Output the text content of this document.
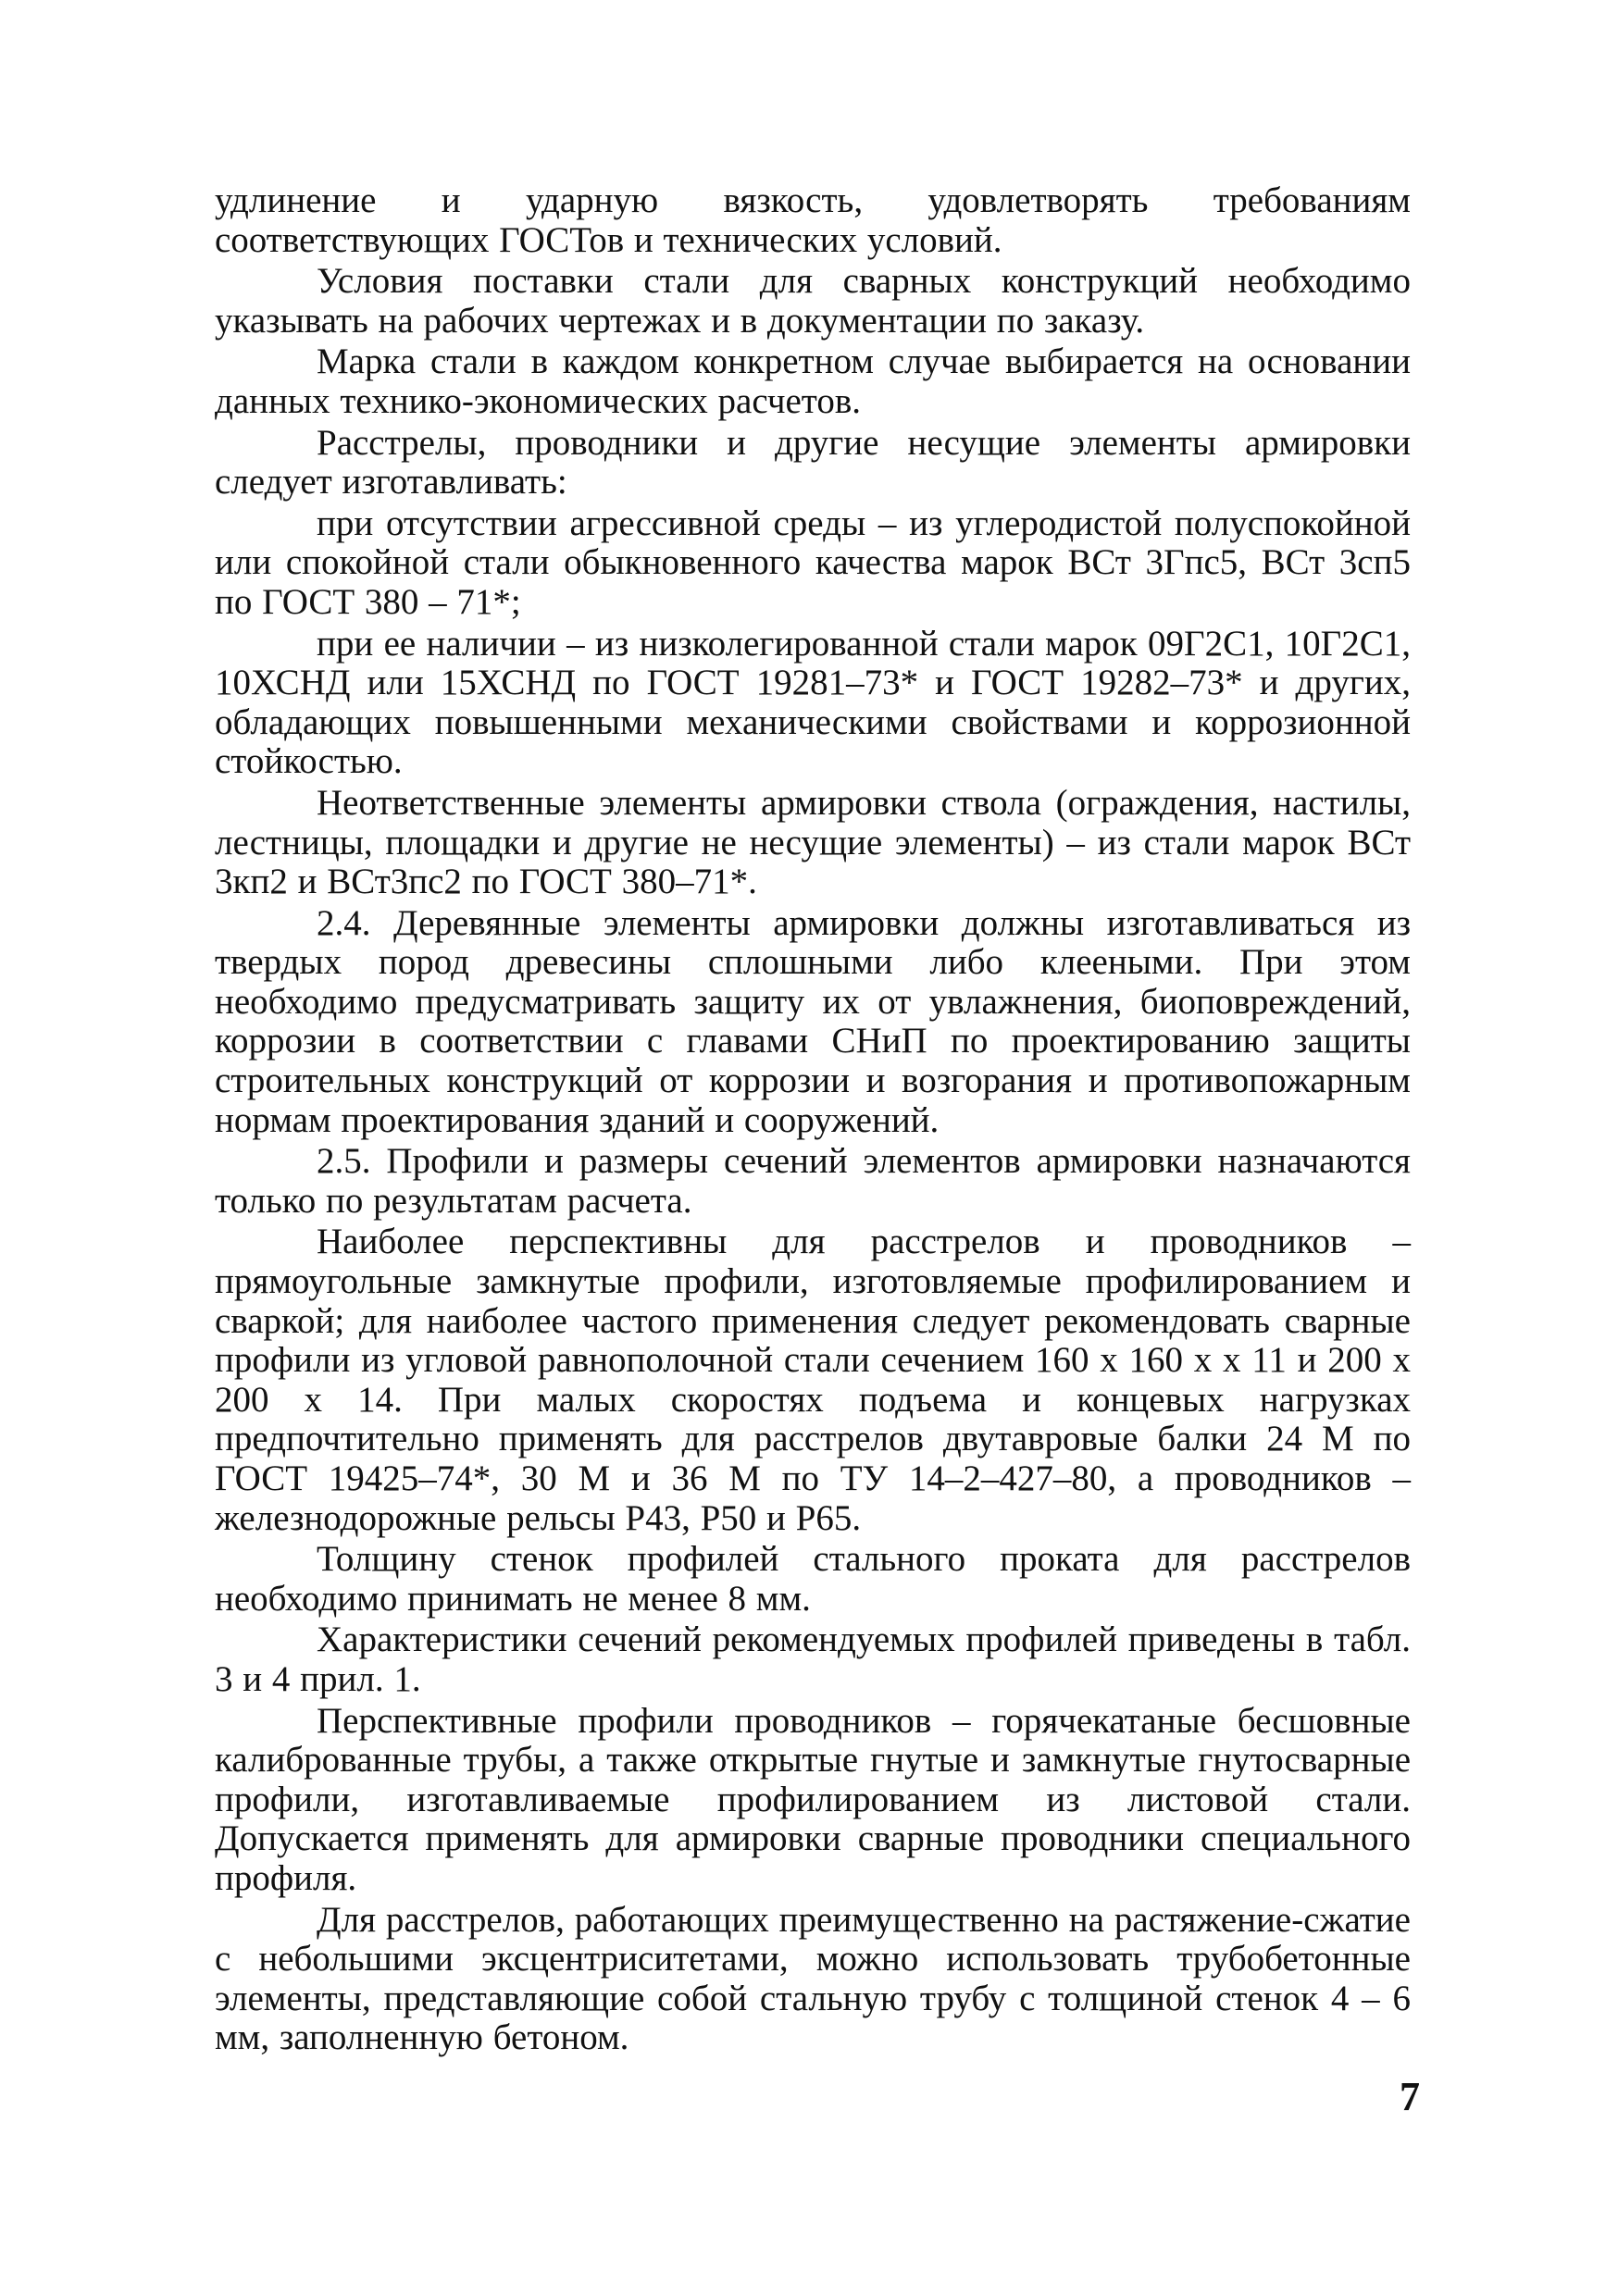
удлинение и ударную вязкость, удовлетворять требованиям соответствующих ГОСТов и технических условий.

Условия поставки стали для сварных конструкций необходимо указывать на рабочих чертежах и в документации по заказу.

Марка стали в каждом конкретном случае выбирается на основании данных технико-экономических расчетов.

Расстрелы, проводники и другие несущие элементы армировки следует изготавливать:

при отсутствии агрессивной среды – из углеродистой полуспокойной или спокойной стали обыкновенного качества марок ВСт 3Гпс5, ВСт 3сп5 по ГОСТ 380 – 71*;

при ее наличии – из низколегированной стали марок 09Г2С1, 10Г2С1, 10ХСНД или 15ХСНД по ГОСТ 19281–73* и ГОСТ 19282–73* и других, обладающих повышенными механическими свойствами и коррозионной стойкостью.

Неответственные элементы армировки ствола (ограждения, настилы, лестницы, площадки и другие не несущие элементы) – из стали марок ВСт 3кп2 и ВСт3пс2 по ГОСТ 380–71*.

2.4. Деревянные элементы армировки должны изготавливаться из твердых пород древесины сплошными либо клееными. При этом необходимо предусматривать защиту их от увлажнения, биоповреждений, коррозии в соответствии с главами СНиП по проектированию защиты строительных конструкций от коррозии и возгорания и противопожарным нормам проектирования зданий и сооружений.

2.5. Профили и размеры сечений элементов армировки назначаются только по результатам расчета.

Наиболее перспективны для расстрелов и проводников – прямоугольные замкнутые профили, изготовляемые профилированием и сваркой; для наиболее частого применения следует рекомендовать сварные профили из угловой равнополочной стали сечением 160 х 160 х х 11 и 200 х 200 х 14. При малых скоростях подъема и концевых нагрузках предпочтительно применять для расстрелов двутавровые балки 24 М по ГОСТ 19425–74*, 30 М и 36 М по ТУ 14–2–427–80, а проводников – железнодорожные рельсы Р43, Р50 и Р65.

Толщину стенок профилей стального проката для расстрелов необходимо принимать не менее 8 мм.

Характеристики сечений рекомендуемых профилей приведены в табл. 3 и 4 прил. 1.

Перспективные профили проводников – горячекатаные бесшовные калиброванные трубы, а также открытые гнутые и замкнутые гнутосварные профили, изготавливаемые профилированием из листовой стали. Допускается применять для армировки сварные проводники специального профиля.

Для расстрелов, работающих преимущественно на растяжение-сжатие с небольшими эксцентриситетами, можно использовать трубобетонные элементы, представляющие собой стальную трубу с толщиной стенок 4 – 6 мм, заполненную бетоном.

7
